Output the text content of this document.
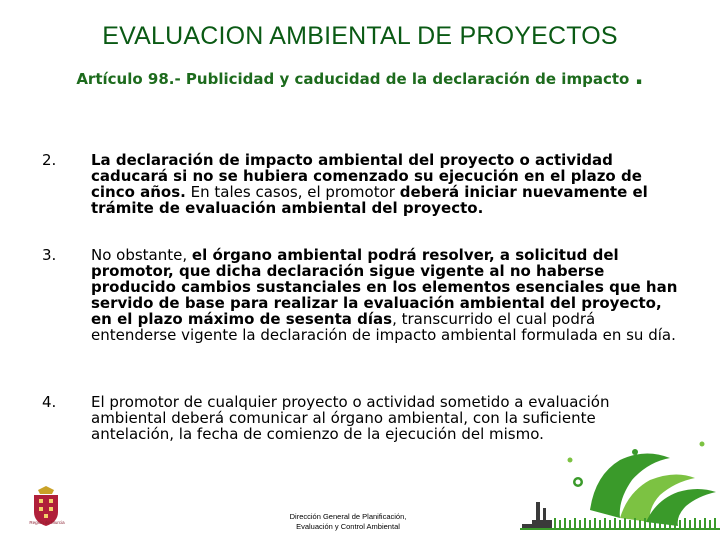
EVALUACION AMBIENTAL DE PROYECTOS
Artículo 98.- Publicidad y caducidad de la declaración de impacto .
2. La declaración de impacto ambiental del proyecto o actividad caducará si no se hubiera comenzado su ejecución en el plazo de cinco años. En tales casos, el promotor deberá iniciar nuevamente el trámite de evaluación ambiental del proyecto.
3. No obstante, el órgano ambiental podrá resolver, a solicitud del promotor, que dicha declaración sigue vigente al no haberse producido cambios sustanciales en los elementos esenciales que han servido de base para realizar la evaluación ambiental del proyecto, en el plazo máximo de sesenta días, transcurrido el cual podrá entenderse vigente la declaración de impacto ambiental formulada en su día.
4. El promotor de cualquier proyecto o actividad sometido a evaluación ambiental deberá comunicar al órgano ambiental, con la suficiente antelación, la fecha de comienzo de la ejecución del mismo.
Región de Murcia
Dirección General de Planificación,
Evaluación y Control Ambiental
